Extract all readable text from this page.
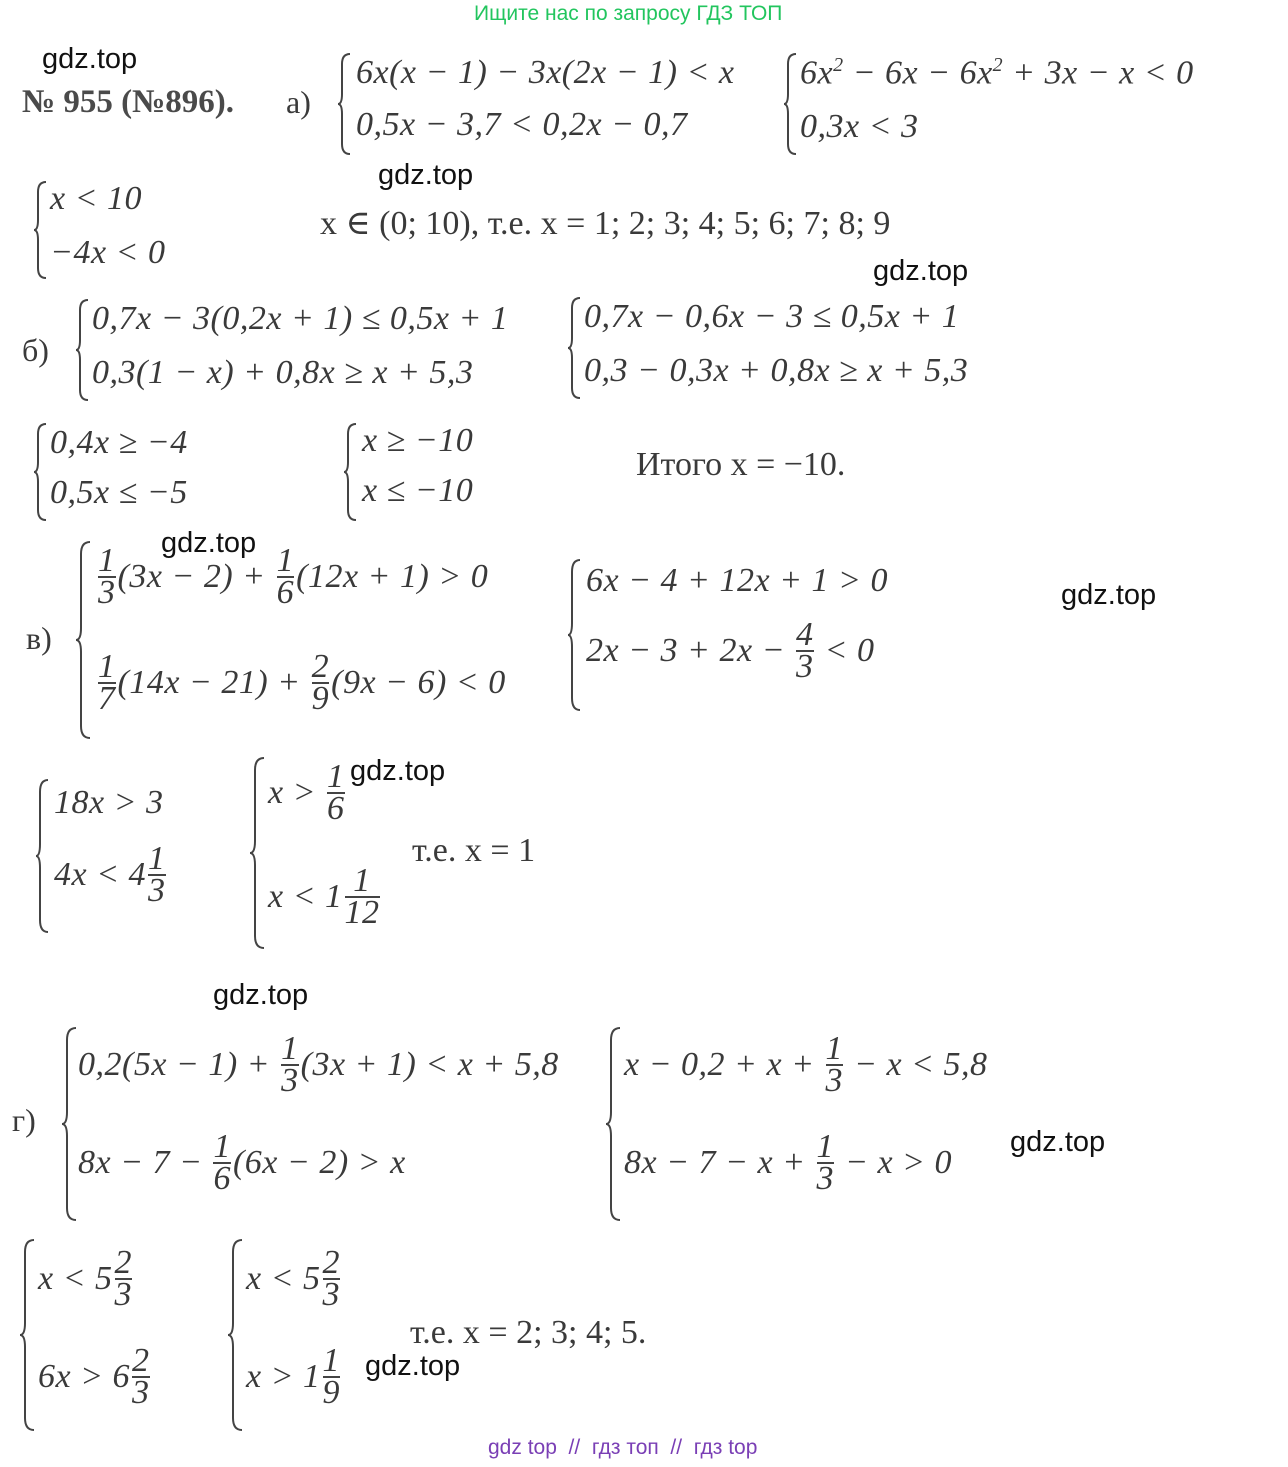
Ищите нас по запросу ГДЗ ТОП
gdz.top
gdz.top
gdz.top
gdz.top
gdz.top
gdz.top
gdz.top
gdz.top
gdz.top
№ 955 (№896). а)
6x(x − 1) − 3x(2x − 1) < x
0,5x − 3,7 < 0,2x − 0,7
$6x^2 - 6x - 6x^2 + 3x - x < 0$
0,3x < 3
x < 10
−4x < 0
x ∈ (0; 10), т.е. x = 1; 2; 3; 4; 5; 6; 7; 8; 9
б)
0,7x − 3(0,2x + 1) ≤ 0,5x + 1
0,3(1 − x) + 0,8x ≥ x + 5,3
0,7x − 0,6x − 3 ≤ 0,5x + 1
0,3 − 0,3x + 0,8x ≥ x + 5,3
0,4x ≥ −4
0,5x ≤ −5
x ≥ −10
x ≤ −10
Итого x = −10.
в)
$\frac{1}{3} (3x - 2) + \frac{1}{6} (12x + 1) > 0$
$\frac{1}{7} (14x - 21) + \frac{2}{9} (9x - 6) < 0$
6x − 4 + 12x + 1 > 0
$2x - 3 + 2x - \frac{4}{3} < 0$
18x > 3
$4x < 4 \frac{1}{3}$
$x > \frac{1}{6}$
$x < 1 \frac{1}{12}$
т.е. x = 1
г)
$0,2(5x - 1) + \frac{1}{3} (3x + 1) < x + 5,8$
$8x - 7 - \frac{1}{6} (6x - 2) > x$
$x - 0,2 + x + \frac{1}{3} - x < 5,8$
$8x - 7 - x + \frac{1}{3} - x > 0$
$x < 5 \frac{2}{3}$
$6x > 6 \frac{2}{3}$
$x < 5 \frac{2}{3}$
$x > 1 \frac{1}{9}$
т.е. x = 2; 3; 4; 5.
gdz top  //  гдз топ  //  гдз top
